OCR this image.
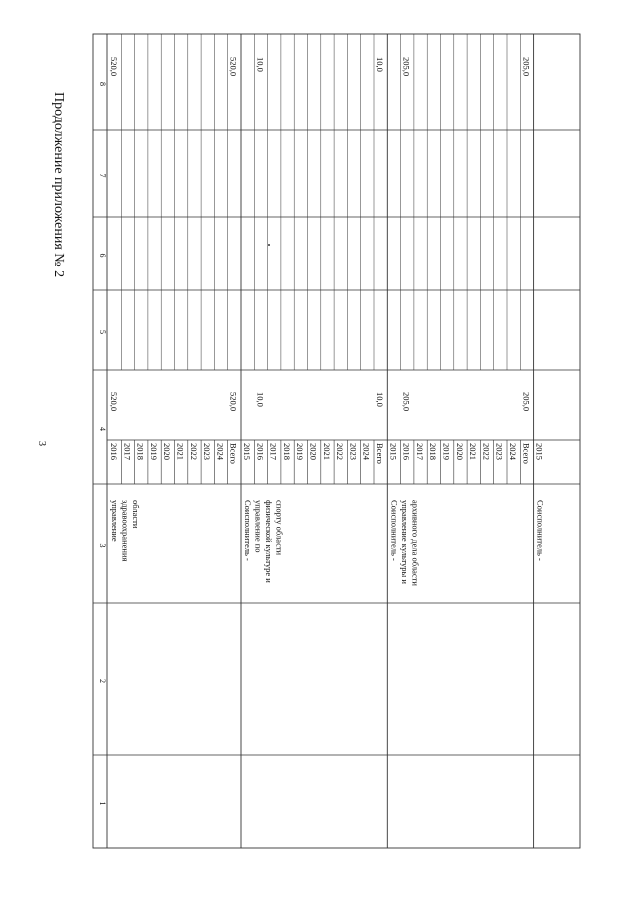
3
Продолжение приложения № 2
1
2
3
4
5
6
7
8
2016
520,0
520,0
2017 2018 2019 2020 2021 2022 2023 2024 Всего
520,0
520,0
управление здравоохранения области
2015 2016
10,0
10,0
2017 2018 2019 2020 2021 2022 2023 2024 Всего
10,0
10,0
Соисполнитель - управление по физической культуре и спорту области
2015 2016
205,0
205,0
2017 2018 2019 2020 2021 2022 2023 2024 Всего
205,0
205,0
Соисполнитель - управление культуры и архивного дела области
2015
Соисполнитель -
